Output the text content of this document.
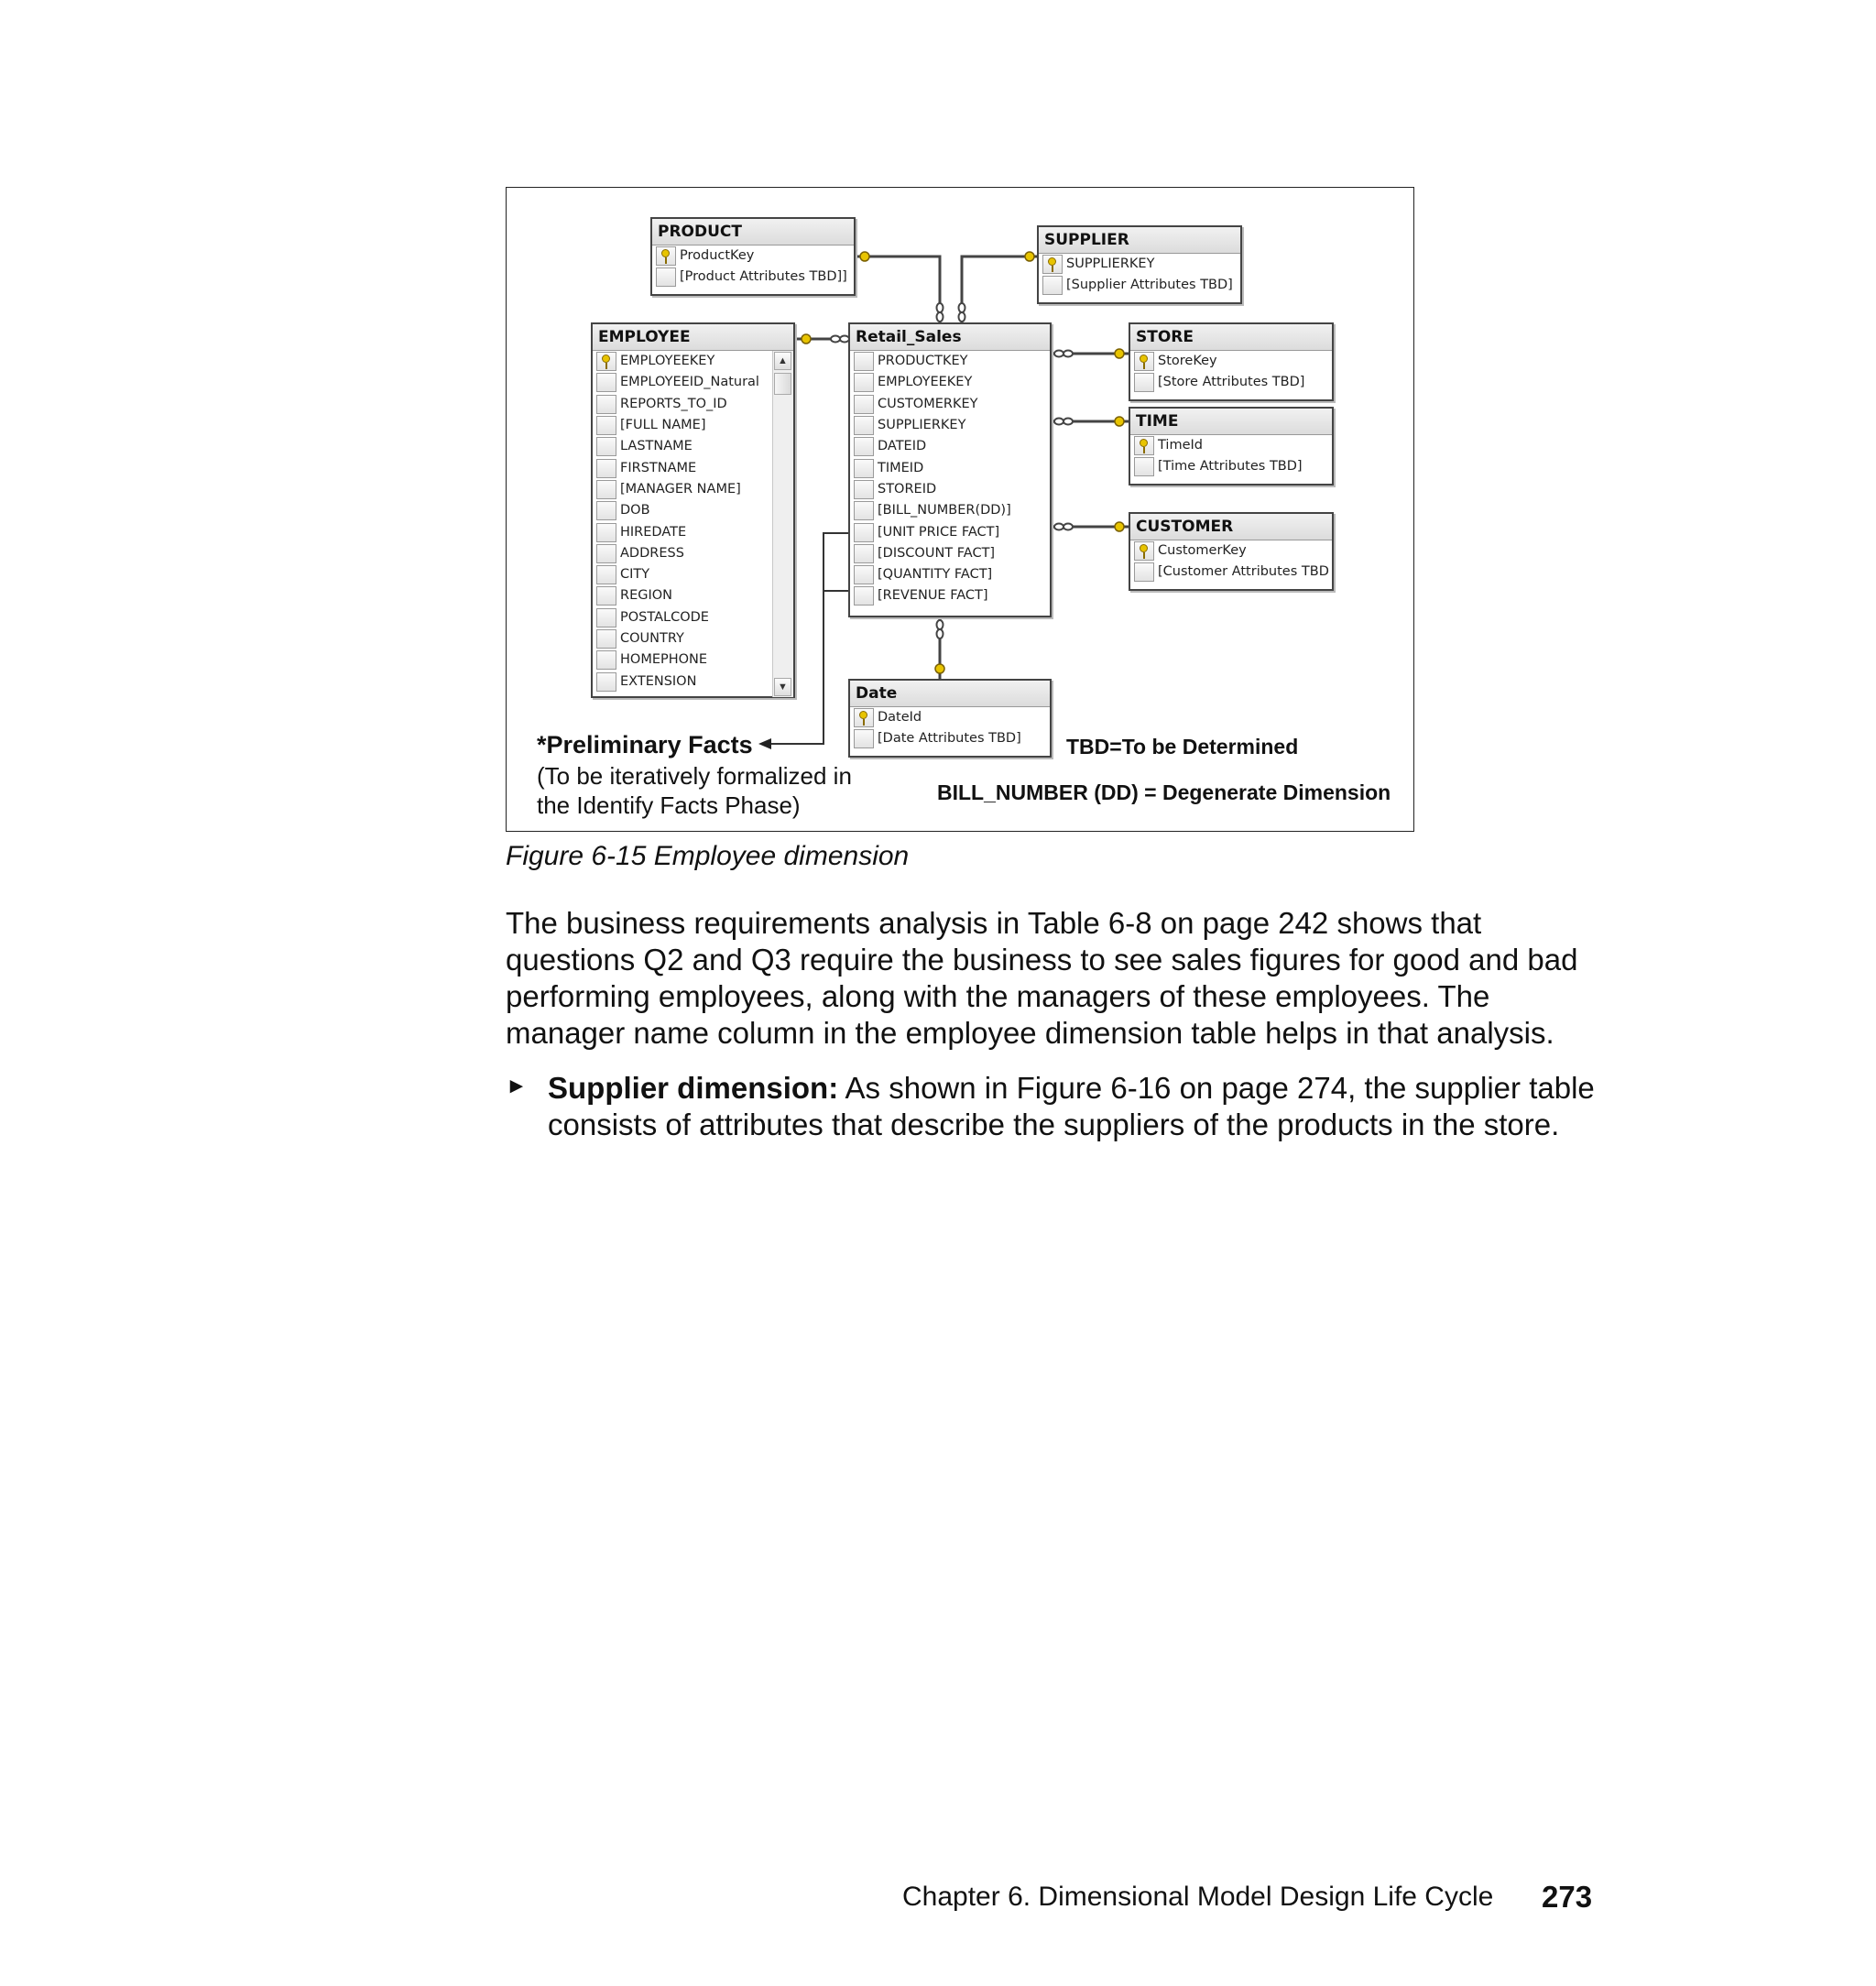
PRODUCT
ProductKey
[Product Attributes TBD]]
SUPPLIER
SUPPLIERKEY
[Supplier Attributes TBD]
EMPLOYEE
EMPLOYEEKEY
EMPLOYEEID_Natural
REPORTS_TO_ID
[FULL NAME]
LASTNAME
FIRSTNAME
[MANAGER NAME]
DOB
HIREDATE
ADDRESS
CITY
REGION
POSTALCODE
COUNTRY
HOMEPHONE
EXTENSION
▲
▼
Retail_Sales
PRODUCTKEY
EMPLOYEEKEY
CUSTOMERKEY
SUPPLIERKEY
DATEID
TIMEID
STOREID
[BILL_NUMBER(DD)]
[UNIT PRICE FACT]
[DISCOUNT FACT]
[QUANTITY FACT]
[REVENUE FACT]
STORE
StoreKey
[Store Attributes TBD]
TIME
TimeId
[Time Attributes TBD]
CUSTOMER
CustomerKey
[Customer Attributes TBD
Date
DateId
[Date Attributes TBD]
*Preliminary Facts
(To be iteratively formalized in
the Identify Facts Phase)
TBD=To be Determined
BILL_NUMBER (DD) = Degenerate Dimension
Figure 6-15 Employee dimension
The business requirements analysis in Table 6-8 on page 242 shows that questions Q2 and Q3 require the business to see sales figures for good and bad performing employees, along with the managers of these employees. The manager name column in the employee dimension table helps in that analysis.
► Supplier dimension: As shown in Figure 6-16 on page 274, the supplier table consists of attributes that describe the suppliers of the products in the store.
Chapter 6. Dimensional Model Design Life Cycle 273
